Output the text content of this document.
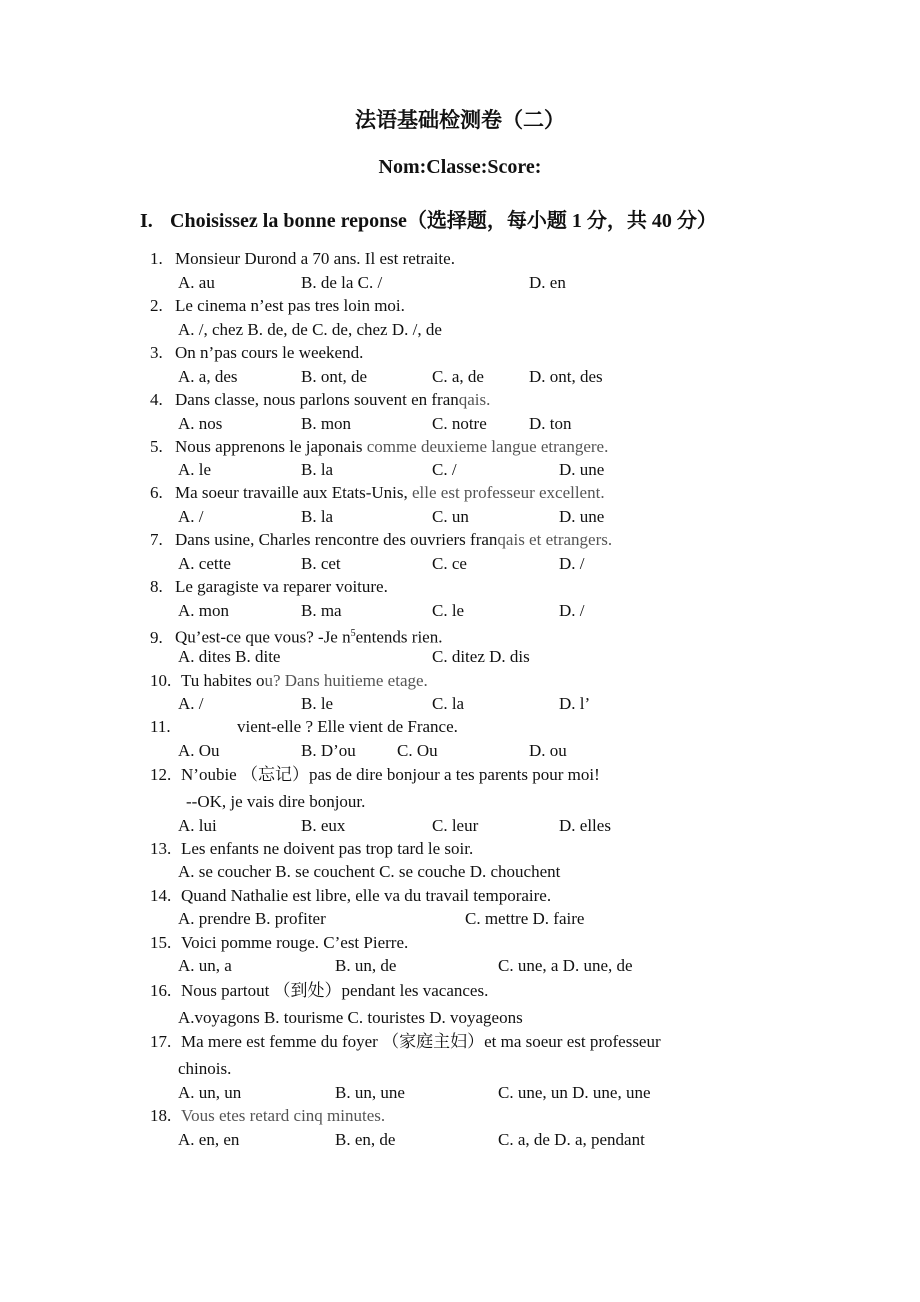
法语基础检测卷（二）
Nom:Classe:Score:
I. Choisissez la bonne reponse（选择题，每小题 1 分，共 40 分）
1. Monsieur Durond a 70 ans. Il est retraite.
A. au	B. de la C. /	D. en
2. Le cinema n’est pas tres loin moi.
A. /, chez B. de, de C. de, chez D. /, de
3. On n’pas cours le weekend.
A. a, des	B. ont, de	C. a, de	D. ont, des
4. Dans classe, nous parlons souvent en franqais.
A. nos	B. mon	C. notre D. ton
5. Nous apprenons le japonais comme deuxieme langue etrangere.
A. le	B. la	C. /	D. une
6. Ma soeur travaille aux Etats-Unis, elle est professeur excellent.
A. /	B. la	C. un	D. une
7. Dans usine, Charles rencontre des ouvriers franqais et etrangers.
A. cette	B. cet	C. ce	D. /
8. Le garagiste va reparer voiture.
A. mon	B. ma	C. le	D. /
9. Qu’est-ce que vous? -Je $n^5entends$ rien.
A. dites B. dite	C. ditez D. dis
10. Tu habites ou? Dans huitieme etage.
A. /	B. le	C. la	D. l’
11.	vient-elle ? Elle vient de France.
A. Ou	B. D’ou C. Ou	D. ou
12. N’oubie （忘记）pas de dire bonjour a tes parents pour moi!
--OK, je vais dire bonjour.
A. lui	B. eux	C. leur	D. elles
13. Les enfants ne doivent pas trop tard le soir.
A. se coucher B. se couchent C. se couche D. chouchent
14. Quand Nathalie est libre, elle va du travail temporaire.
A. prendre B. profiter	C. mettre D. faire
15. Voici pomme rouge. C’est Pierre.
A. un, a	B. un, de	C. une, a D. une, de
16. Nous partout （到处）pendant les vacances.
A.voyagons B. tourisme C. touristes D. voyageons
17. Ma mere est femme du foyer （家庭主妇）et ma soeur est professeur
chinois.
A. un, un	B. un, une	C. une, un D. une, une
18. Vous etes retard cinq minutes.
A. en, en	B. en, de	C. a, de D. a, pendant
